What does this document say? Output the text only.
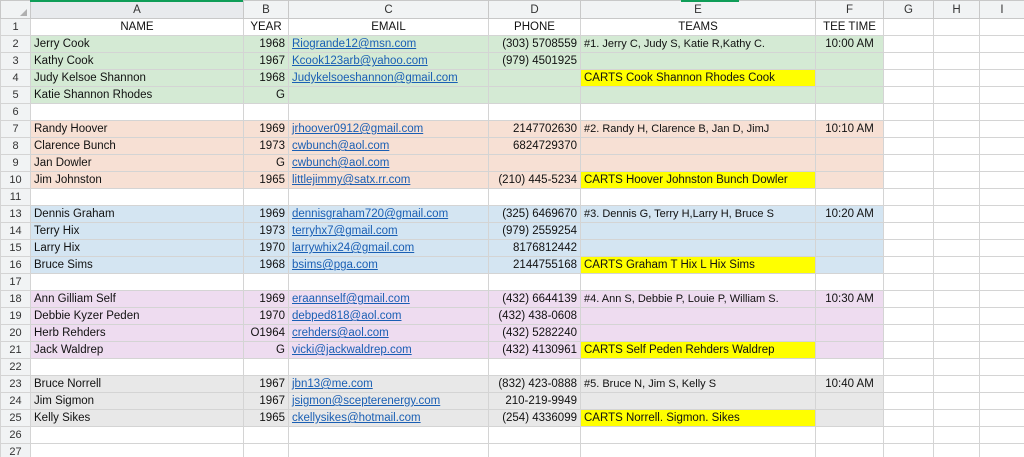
	A	B	C	D	E	F	G	H	I
1	NAME	YEAR	EMAIL	PHONE	TEAMS	TEE TIME			
2	Jerry Cook	1968	Riogrande12@msn.com	(303) 5708559	#1. Jerry C, Judy S, Katie R,Kathy C.	10:00 AM			
3	Kathy Cook	1967	Kcook123arb@yahoo.com	(979) 4501925					
4	Judy Kelsoe Shannon	1968	Judykelsoeshannon@gmail.com		CARTS Cook Shannon Rhodes Cook				
5	Katie Shannon Rhodes	G							
6									
7	Randy Hoover	1969	jrhoover0912@gmail.com	2147702630	#2. Randy H, Clarence B, Jan D, JimJ	10:10 AM			
8	Clarence Bunch	1973	cwbunch@aol.com	6824729370					
9	Jan Dowler	G	cwbunch@aol.com						
10	Jim Johnston	1965	littlejimmy@satx.rr.com	(210) 445-5234	CARTS Hoover Johnston Bunch Dowler				
11									
13	Dennis Graham	1969	dennisgraham720@gmail.com	(325) 6469670	#3. Dennis G, Terry H,Larry H, Bruce S	10:20 AM			
14	Terry Hix	1973	terryhx7@gmail.com	(979) 2559254					
15	Larry Hix	1970	larrywhix24@gmail.com	8176812442					
16	Bruce Sims	1968	bsims@pga.com	2144755168	CARTS Graham T Hix L Hix Sims				
17									
18	Ann Gilliam Self	1969	eraannself@gmail.com	(432) 6644139	#4. Ann S, Debbie P, Louie P, William S.	10:30 AM			
19	Debbie Kyzer Peden	1970	debped818@aol.com	(432) 438-0608					
20	Herb Rehders	O1964	crehders@aol.com	(432) 5282240					
21	Jack Waldrep	G	vicki@jackwaldrep.com	(432) 4130961	CARTS Self Peden Rehders Waldrep				
22									
23	Bruce Norrell	1967	jbn13@me.com	(832) 423-0888	#5. Bruce N, Jim S, Kelly S	10:40 AM			
24	Jim Sigmon	1967	jsigmon@scepterenergy.com	210-219-9949					
25	Kelly Sikes	1965	ckellysikes@hotmail.com	(254) 4336099	CARTS Norrell. Sigmon. Sikes				
26									
27									
